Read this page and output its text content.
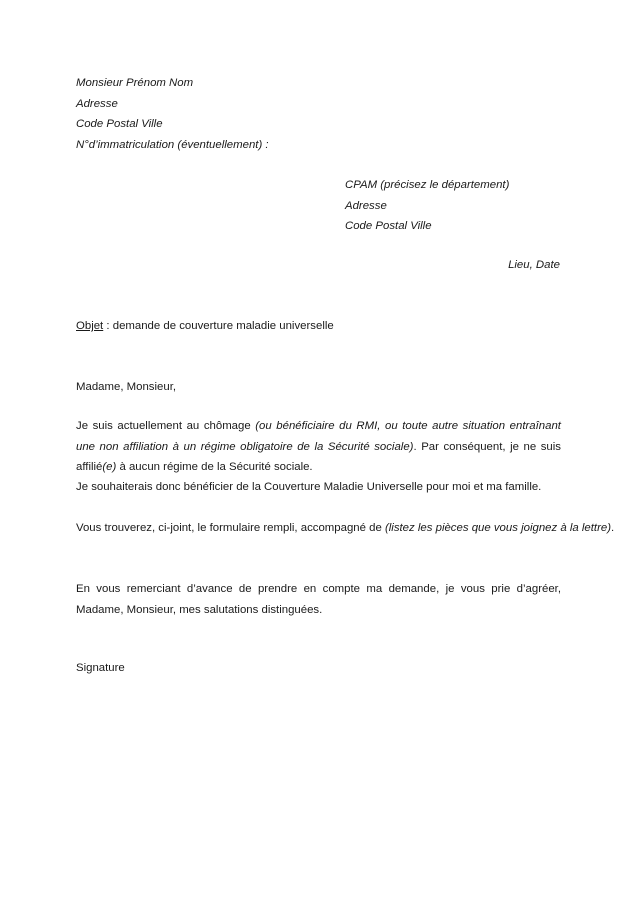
Monsieur Prénom Nom
Adresse
Code Postal Ville
N°d’immatriculation (éventuellement) :
CPAM (précisez le département)
Adresse
Code Postal Ville
Lieu, Date
Objet : demande de couverture maladie universelle
Madame, Monsieur,
Je suis actuellement au chômage (ou bénéficiaire du RMI, ou toute autre situation entraînant une non affiliation à un régime obligatoire de la Sécurité sociale). Par conséquent, je ne suis affilié(e) à aucun régime de la Sécurité sociale.
Je souhaiterais donc bénéficier de la Couverture Maladie Universelle pour moi et ma famille.
Vous trouverez, ci-joint, le formulaire rempli, accompagné de (listez les pièces que vous joignez à la lettre).
En vous remerciant d’avance de prendre en compte ma demande, je vous prie d’agréer, Madame, Monsieur, mes salutations distinguées.
Signature
